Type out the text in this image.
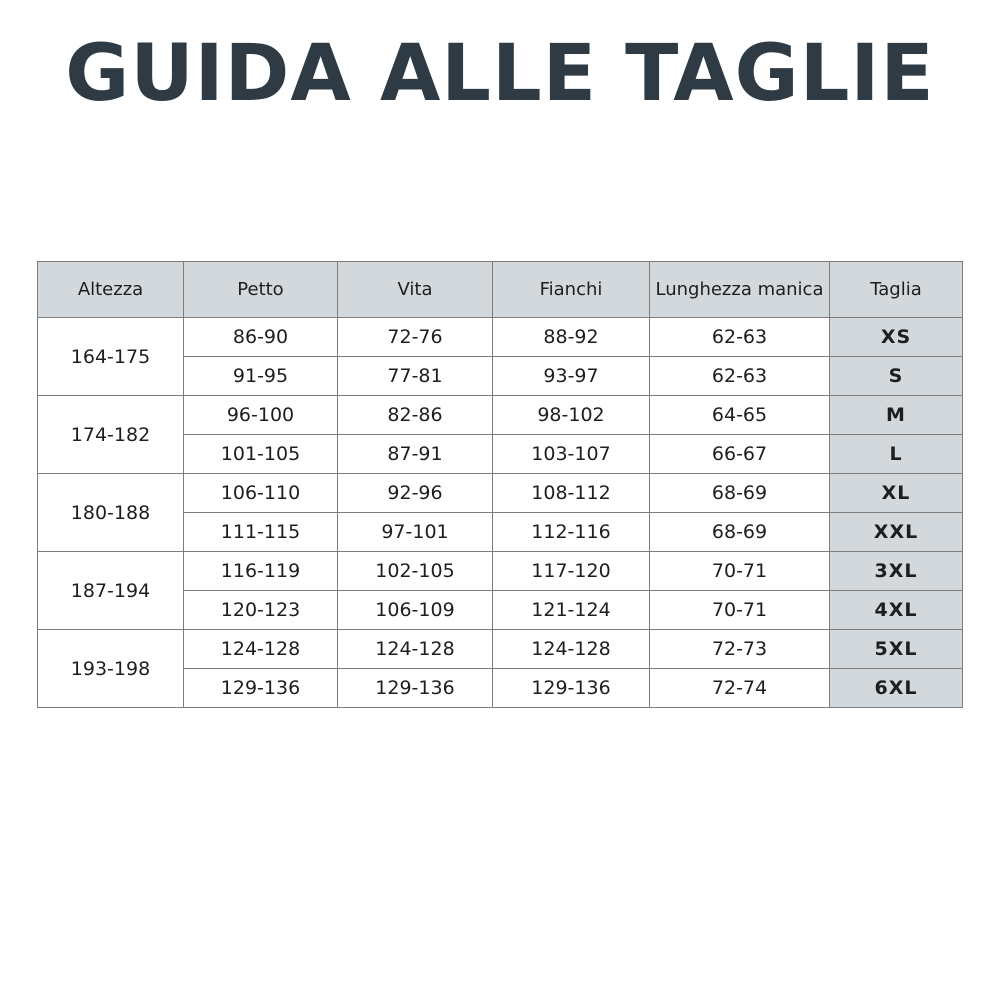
GUIDA ALLE TAGLIE
Altezza	Petto	Vita	Fianchi	Lunghezza manica	Taglia
164-175	86-90	72-76	88-92	62-63	XS
	91-95	77-81	93-97	62-63	S
174-182	96-100	82-86	98-102	64-65	M
	101-105	87-91	103-107	66-67	L
180-188	106-110	92-96	108-112	68-69	XL
	111-115	97-101	112-116	68-69	XXL
187-194	116-119	102-105	117-120	70-71	3XL
	120-123	106-109	121-124	70-71	4XL
193-198	124-128	124-128	124-128	72-73	5XL
	129-136	129-136	129-136	72-74	6XL
